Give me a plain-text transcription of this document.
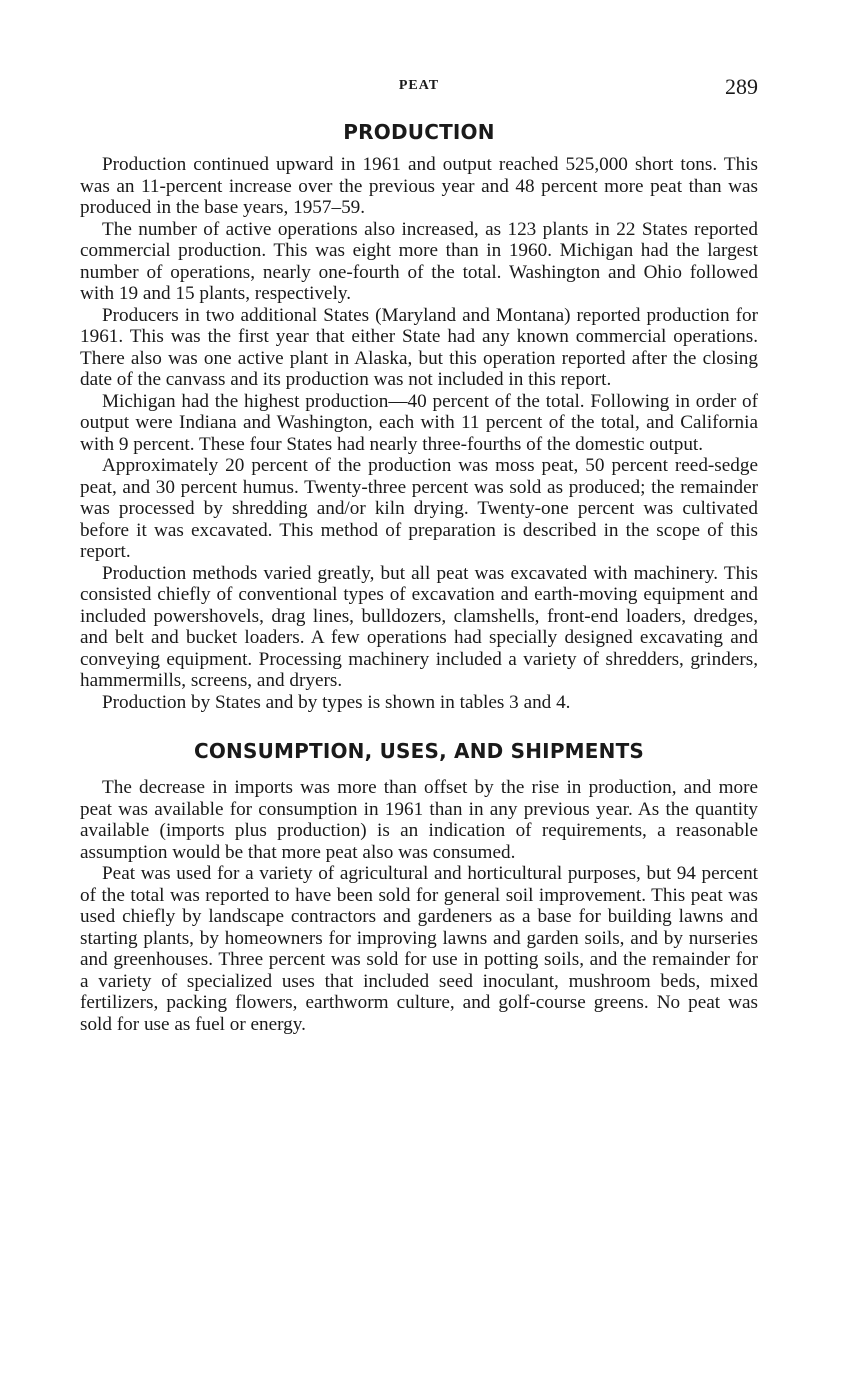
PEAT	289
PRODUCTION

Production continued upward in 1961 and output reached 525,000 short tons. This was an 11-percent increase over the previous year and 48 percent more peat than was produced in the base years, 1957–59.

The number of active operations also increased, as 123 plants in 22 States reported commercial production. This was eight more than in 1960. Michigan had the largest number of operations, nearly one-fourth of the total. Washington and Ohio followed with 19 and 15 plants, respectively.

Producers in two additional States (Maryland and Montana) reported production for 1961. This was the first year that either State had any known commercial operations. There also was one active plant in Alaska, but this operation reported after the closing date of the canvass and its production was not included in this report.

Michigan had the highest production—40 percent of the total. Following in order of output were Indiana and Washington, each with 11 percent of the total, and California with 9 percent. These four States had nearly three-fourths of the domestic output.

Approximately 20 percent of the production was moss peat, 50 percent reed-sedge peat, and 30 percent humus. Twenty-three percent was sold as produced; the remainder was processed by shredding and/or kiln drying. Twenty-one percent was cultivated before it was excavated. This method of preparation is described in the scope of this report.

Production methods varied greatly, but all peat was excavated with machinery. This consisted chiefly of conventional types of excavation and earth-moving equipment and included powershovels, drag lines, bulldozers, clamshells, front-end loaders, dredges, and belt and bucket loaders. A few operations had specially designed excavating and conveying equipment. Processing machinery included a variety of shredders, grinders, hammermills, screens, and dryers.

Production by States and by types is shown in tables 3 and 4.

CONSUMPTION, USES, AND SHIPMENTS

The decrease in imports was more than offset by the rise in production, and more peat was available for consumption in 1961 than in any previous year. As the quantity available (imports plus production) is an indication of requirements, a reasonable assumption would be that more peat also was consumed.

Peat was used for a variety of agricultural and horticultural purposes, but 94 percent of the total was reported to have been sold for general soil improvement. This peat was used chiefly by landscape contractors and gardeners as a base for building lawns and starting plants, by homeowners for improving lawns and garden soils, and by nurseries and greenhouses. Three percent was sold for use in potting soils, and the remainder for a variety of specialized uses that included seed inoculant, mushroom beds, mixed fertilizers, packing flowers, earthworm culture, and golf-course greens. No peat was sold for use as fuel or energy.
